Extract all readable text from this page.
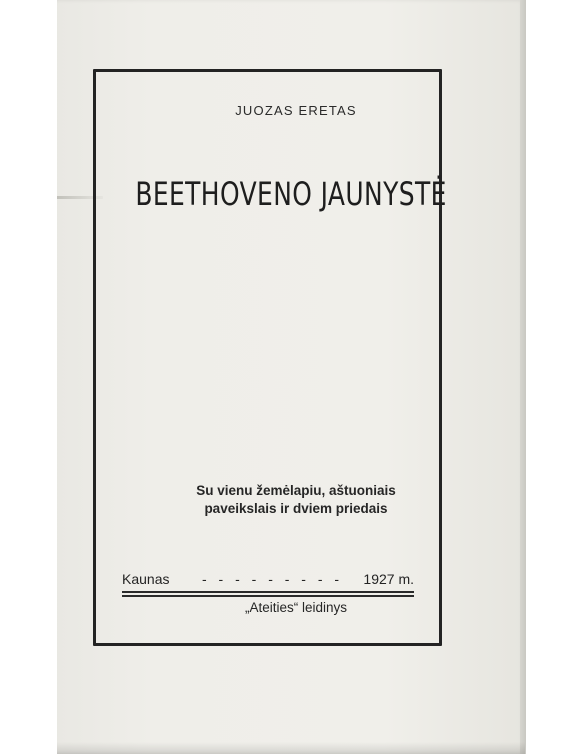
JUOZAS ERETAS
BEETHOVENO JAUNYSTĖ
Su vienu žemėlapiu, aštuoniais
paveikslais ir dviem priedais
Kaunas - - - - - - - - - 1927 m.
„Ateities“ leidinys
